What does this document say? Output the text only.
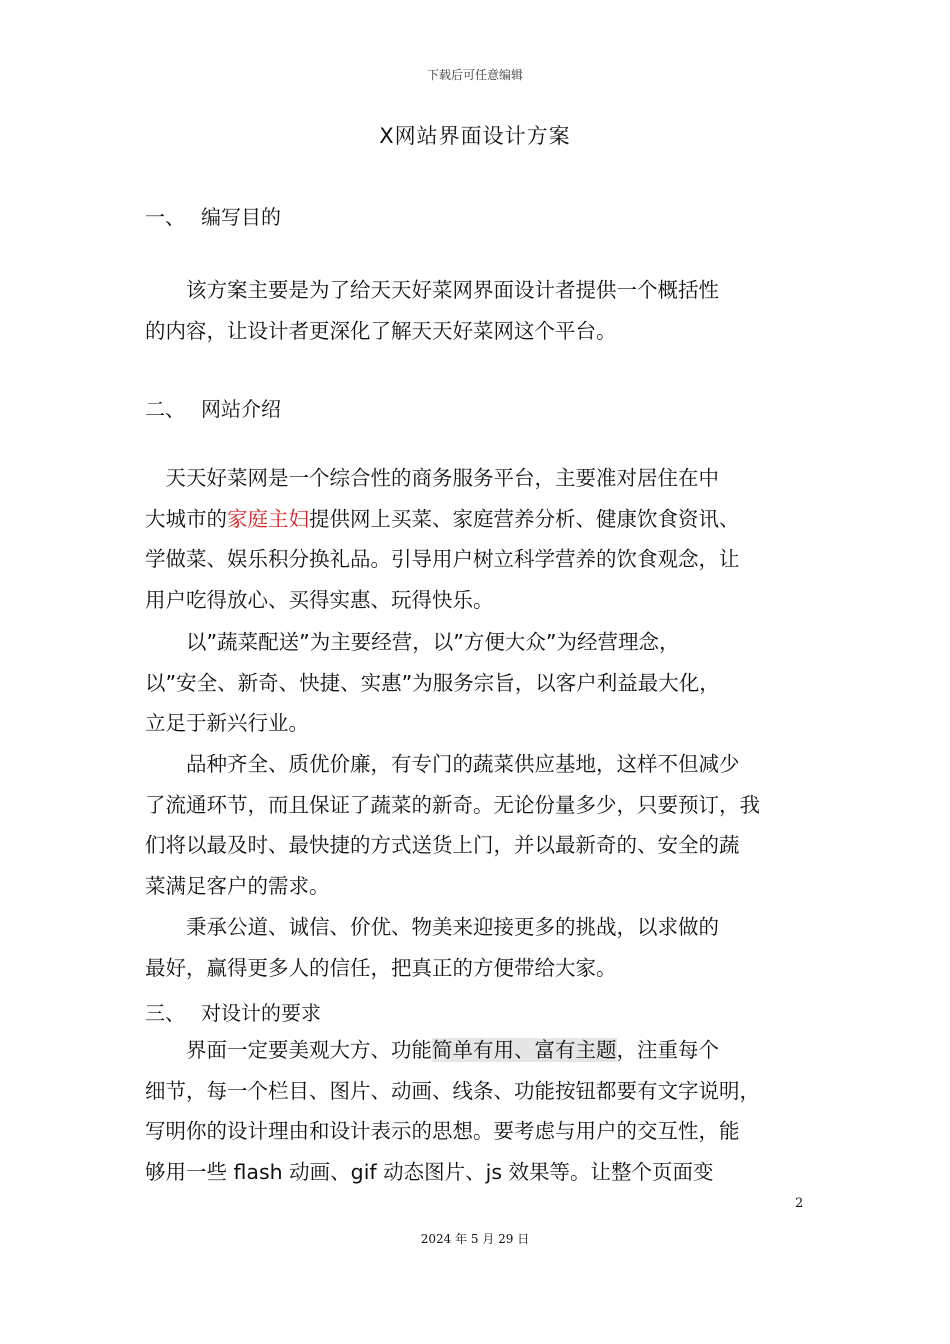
下载后可任意编辑
X网站界面设计方案
一、 编写目的

　　该方案主要是为了给天天好菜网界面设计者提供一个概括性
的内容，让设计者更深化了解天天好菜网这个平台。

二、 网站介绍

　天天好菜网是一个综合性的商务服务平台，主要准对居住在中
大城市的家庭主妇提供网上买菜、家庭营养分析、健康饮食资讯、
学做菜、娱乐积分换礼品。引导用户树立科学营养的饮食观念，让
用户吃得放心、买得实惠、玩得快乐。

　　以”蔬菜配送”为主要经营，以”方便大众”为经营理念，
以”安全、新奇、快捷、实惠”为服务宗旨，以客户利益最大化，
立足于新兴行业。

　　品种齐全、质优价廉，有专门的蔬菜供应基地，这样不但减少
了流通环节，而且保证了蔬菜的新奇。无论份量多少，只要预订，我
们将以最及时、最快捷的方式送货上门，并以最新奇的、安全的蔬
菜满足客户的需求。

　　秉承公道、诚信、价优、物美来迎接更多的挑战，以求做的
最好，赢得更多人的信任，把真正的方便带给大家。

三、 对设计的要求

　　界面一定要美观大方、功能简单有用、富有主题，注重每个
细节，每一个栏目、图片、动画、线条、功能按钮都要有文字说明，
写明你的设计理由和设计表示的思想。要考虑与用户的交互性，能
够用一些 flash 动画、gif 动态图片、js 效果等。让整个页面变

2
2024 年 5 月 29 日
